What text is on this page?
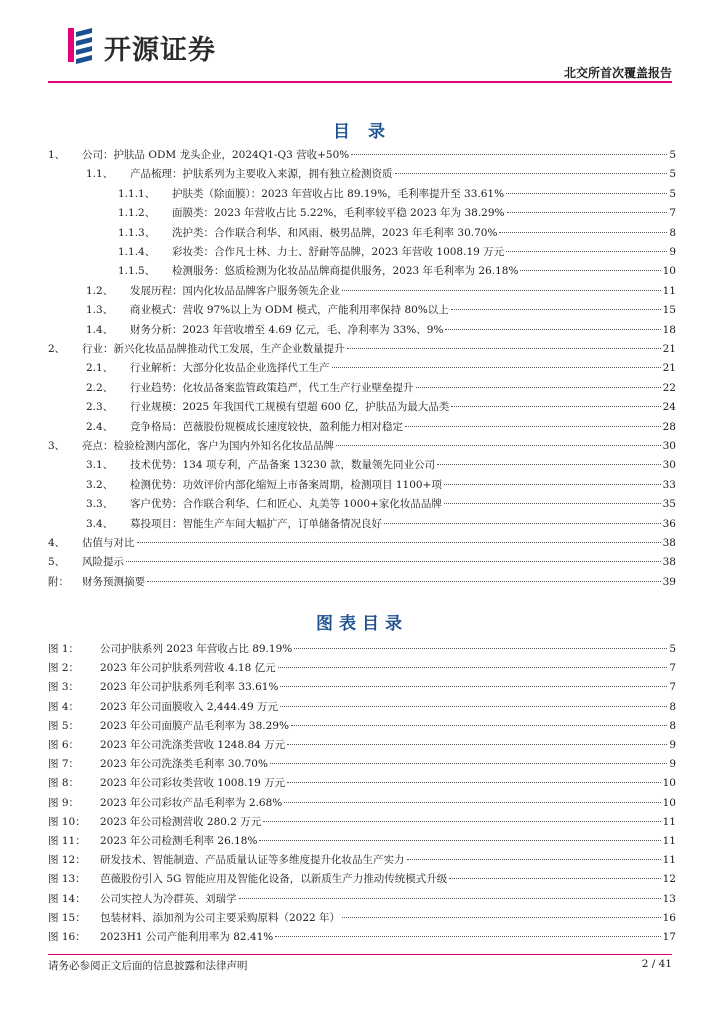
开源证券
北交所首次覆盖报告
目 录
1、	公司：护肤品 ODM 龙头企业，2024Q1-Q3 营收+50%	5
1.1、	产品梳理：护肤系列为主要收入来源，拥有独立检测资质	5
1.1.1、	护肤类（除面膜）：2023 年营收占比 89.19%，毛利率提升至 33.61%	5
1.1.2、	面膜类：2023 年营收占比 5.22%，毛利率较平稳 2023 年为 38.29%	7
1.1.3、	洗护类：合作联合利华、和风雨、极男品牌，2023 年毛利率 30.70%	8
1.1.4、	彩妆类：合作凡士林、力士、舒耐等品牌，2023 年营收 1008.19 万元	9
1.1.5、	检测服务：悠质检测为化妆品品牌商提供服务，2023 年毛利率为 26.18%	10
1.2、	发展历程：国内化妆品品牌客户服务领先企业	11
1.3、	商业模式：营收 97%以上为 ODM 模式，产能利用率保持 80%以上	15
1.4、	财务分析：2023 年营收增至 4.69 亿元，毛、净利率为 33%、9%	18
2、	行业：新兴化妆品品牌推动代工发展，生产企业数量提升	21
2.1、	行业解析：大部分化妆品企业选择代工生产	21
2.2、	行业趋势：化妆品备案监管政策趋严，代工生产行业壁垒提升	22
2.3、	行业规模：2025 年我国代工规模有望超 600 亿，护肤品为最大品类	24
2.4、	竞争格局：芭薇股份规模成长速度较快，盈利能力相对稳定	28
3、	亮点：检验检测内部化，客户为国内外知名化妆品品牌	30
3.1、	技术优势：134 项专利，产品备案 13230 款，数量领先同业公司	30
3.2、	检测优势：功效评价内部化缩短上市备案周期，检测项目 1100+项	33
3.3、	客户优势：合作联合利华、仁和匠心、丸美等 1000+家化妆品品牌	35
3.4、	募投项目：智能生产车间大幅扩产，订单储备情况良好	36
4、	估值与对比	38
5、	风险提示	38
附：	财务预测摘要	39
图表目录
图 1：	公司护肤系列 2023 年营收占比 89.19%	5
图 2：	2023 年公司护肤系列营收 4.18 亿元	7
图 3：	2023 年公司护肤系列毛利率 33.61%	7
图 4：	2023 年公司面膜收入 2,444.49 万元	8
图 5：	2023 年公司面膜产品毛利率为 38.29%	8
图 6：	2023 年公司洗涤类营收 1248.84 万元	9
图 7：	2023 年公司洗涤类毛利率 30.70%	9
图 8：	2023 年公司彩妆类营收 1008.19 万元	10
图 9：	2023 年公司彩妆产品毛利率为 2.68%	10
图 10：	2023 年公司检测营收 280.2 万元	11
图 11：	2023 年公司检测毛利率 26.18%	11
图 12：	研发技术、智能制造、产品质量认证等多维度提升化妆品生产实力	11
图 13：	芭薇股份引入 5G 智能应用及智能化设备，以新质生产力推动传统模式升级	12
图 14：	公司实控人为冷群英、刘瑞学	13
图 15：	包装材料、添加剂为公司主要采购原料（2022 年）	16
图 16：	2023H1 公司产能利用率为 82.41%	17
请务必参阅正文后面的信息披露和法律声明	2 / 41
